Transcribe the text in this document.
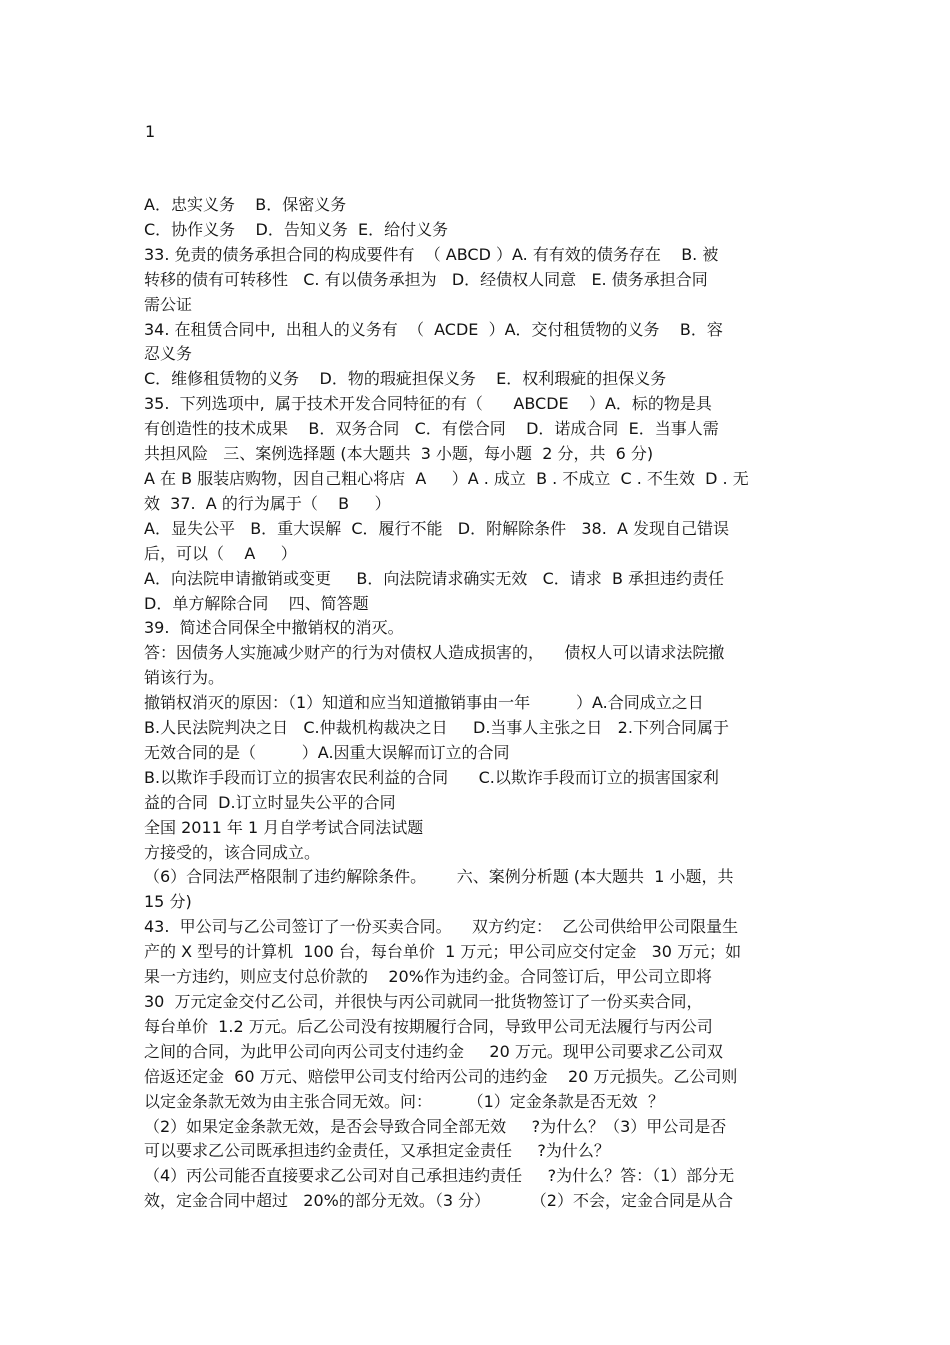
1
A．忠实义务    B．保密义务
C．协作义务    D．告知义务  E．给付义务
33. 免责的债务承担合同的构成要件有  （ ABCD ）A. 有有效的债务存在    B. 被
转移的债有可转移性   C. 有以债务承担为   D．经债权人同意   E. 债务承担合同
需公证
34. 在租赁合同中,  出租人的义务有  （  ACDE  ）A．交付租赁物的义务    B．容
忍义务
C．维修租赁物的义务    D．物的瑕疵担保义务    E．权利瑕疵的担保义务
35.  下列选项中,  属于技术开发合同特征的有（      ABCDE    ）A．标的物是具
有创造性的技术成果    B．双务合同   C．有偿合同    D．诺成合同  E．当事人需
共担风险   三、案例选择题 (本大题共  3 小题，每小题  2 分，共  6 分)
A 在 B 服装店购物，因自己粗心将店  A     ）A . 成立  B . 不成立  C . 不生效  D . 无
效  37.  A 的行为属于（    B     ）
A．显失公平   B．重大误解  C．履行不能   D．附解除条件   38.  A 发现自己错误
后，可以（    A     ）
A．向法院申请撤销或变更     B．向法院请求确实无效   C．请求  B 承担违约责任
D．单方解除合同    四、简答题
39.  简述合同保全中撤销权的消灭。
答：因债务人实施减少财产的行为对债权人造成损害的，    债权人可以请求法院撤
销该行为。
撤销权消灭的原因：（1）知道和应当知道撤销事由一年         ）A.合同成立之日
B.人民法院判决之日   C.仲裁机构裁决之日     D.当事人主张之日   2.下列合同属于
无效合同的是（         ）A.因重大误解而订立的合同
B.以欺诈手段而订立的损害农民利益的合同      C.以欺诈手段而订立的损害国家利
益的合同  D.订立时显失公平的合同
全国 2011 年 1 月自学考试合同法试题
方接受的，该合同成立。
（6）合同法严格限制了违约解除条件。      六、案例分析题 (本大题共  1 小题，共
15 分)
43.  甲公司与乙公司签订了一份买卖合同。    双方约定：  乙公司供给甲公司限量生
产的 X 型号的计算机  100 台，每台单价  1 万元；甲公司应交付定金   30 万元；如
果一方违约，则应支付总价款的    20%作为违约金。合同签订后，甲公司立即将
30  万元定金交付乙公司，并很快与丙公司就同一批货物签订了一份买卖合同，
每台单价  1.2 万元。后乙公司没有按期履行合同，导致甲公司无法履行与丙公司
之间的合同，为此甲公司向丙公司支付违约金     20 万元。现甲公司要求乙公司双
倍返还定金  60 万元、赔偿甲公司支付给丙公司的违约金    20 万元损失。乙公司则
以定金条款无效为由主张合同无效。问：       （1）定金条款是否无效  ？
（2）如果定金条款无效，是否会导致合同全部无效     ?为什么？（3）甲公司是否
可以要求乙公司既承担违约金责任，又承担定金责任     ?为什么？
（4）丙公司能否直接要求乙公司对自己承担违约责任     ?为什么？答：（1）部分无
效，定金合同中超过   20%的部分无效。（3 分）        （2）不会，定金合同是从合
